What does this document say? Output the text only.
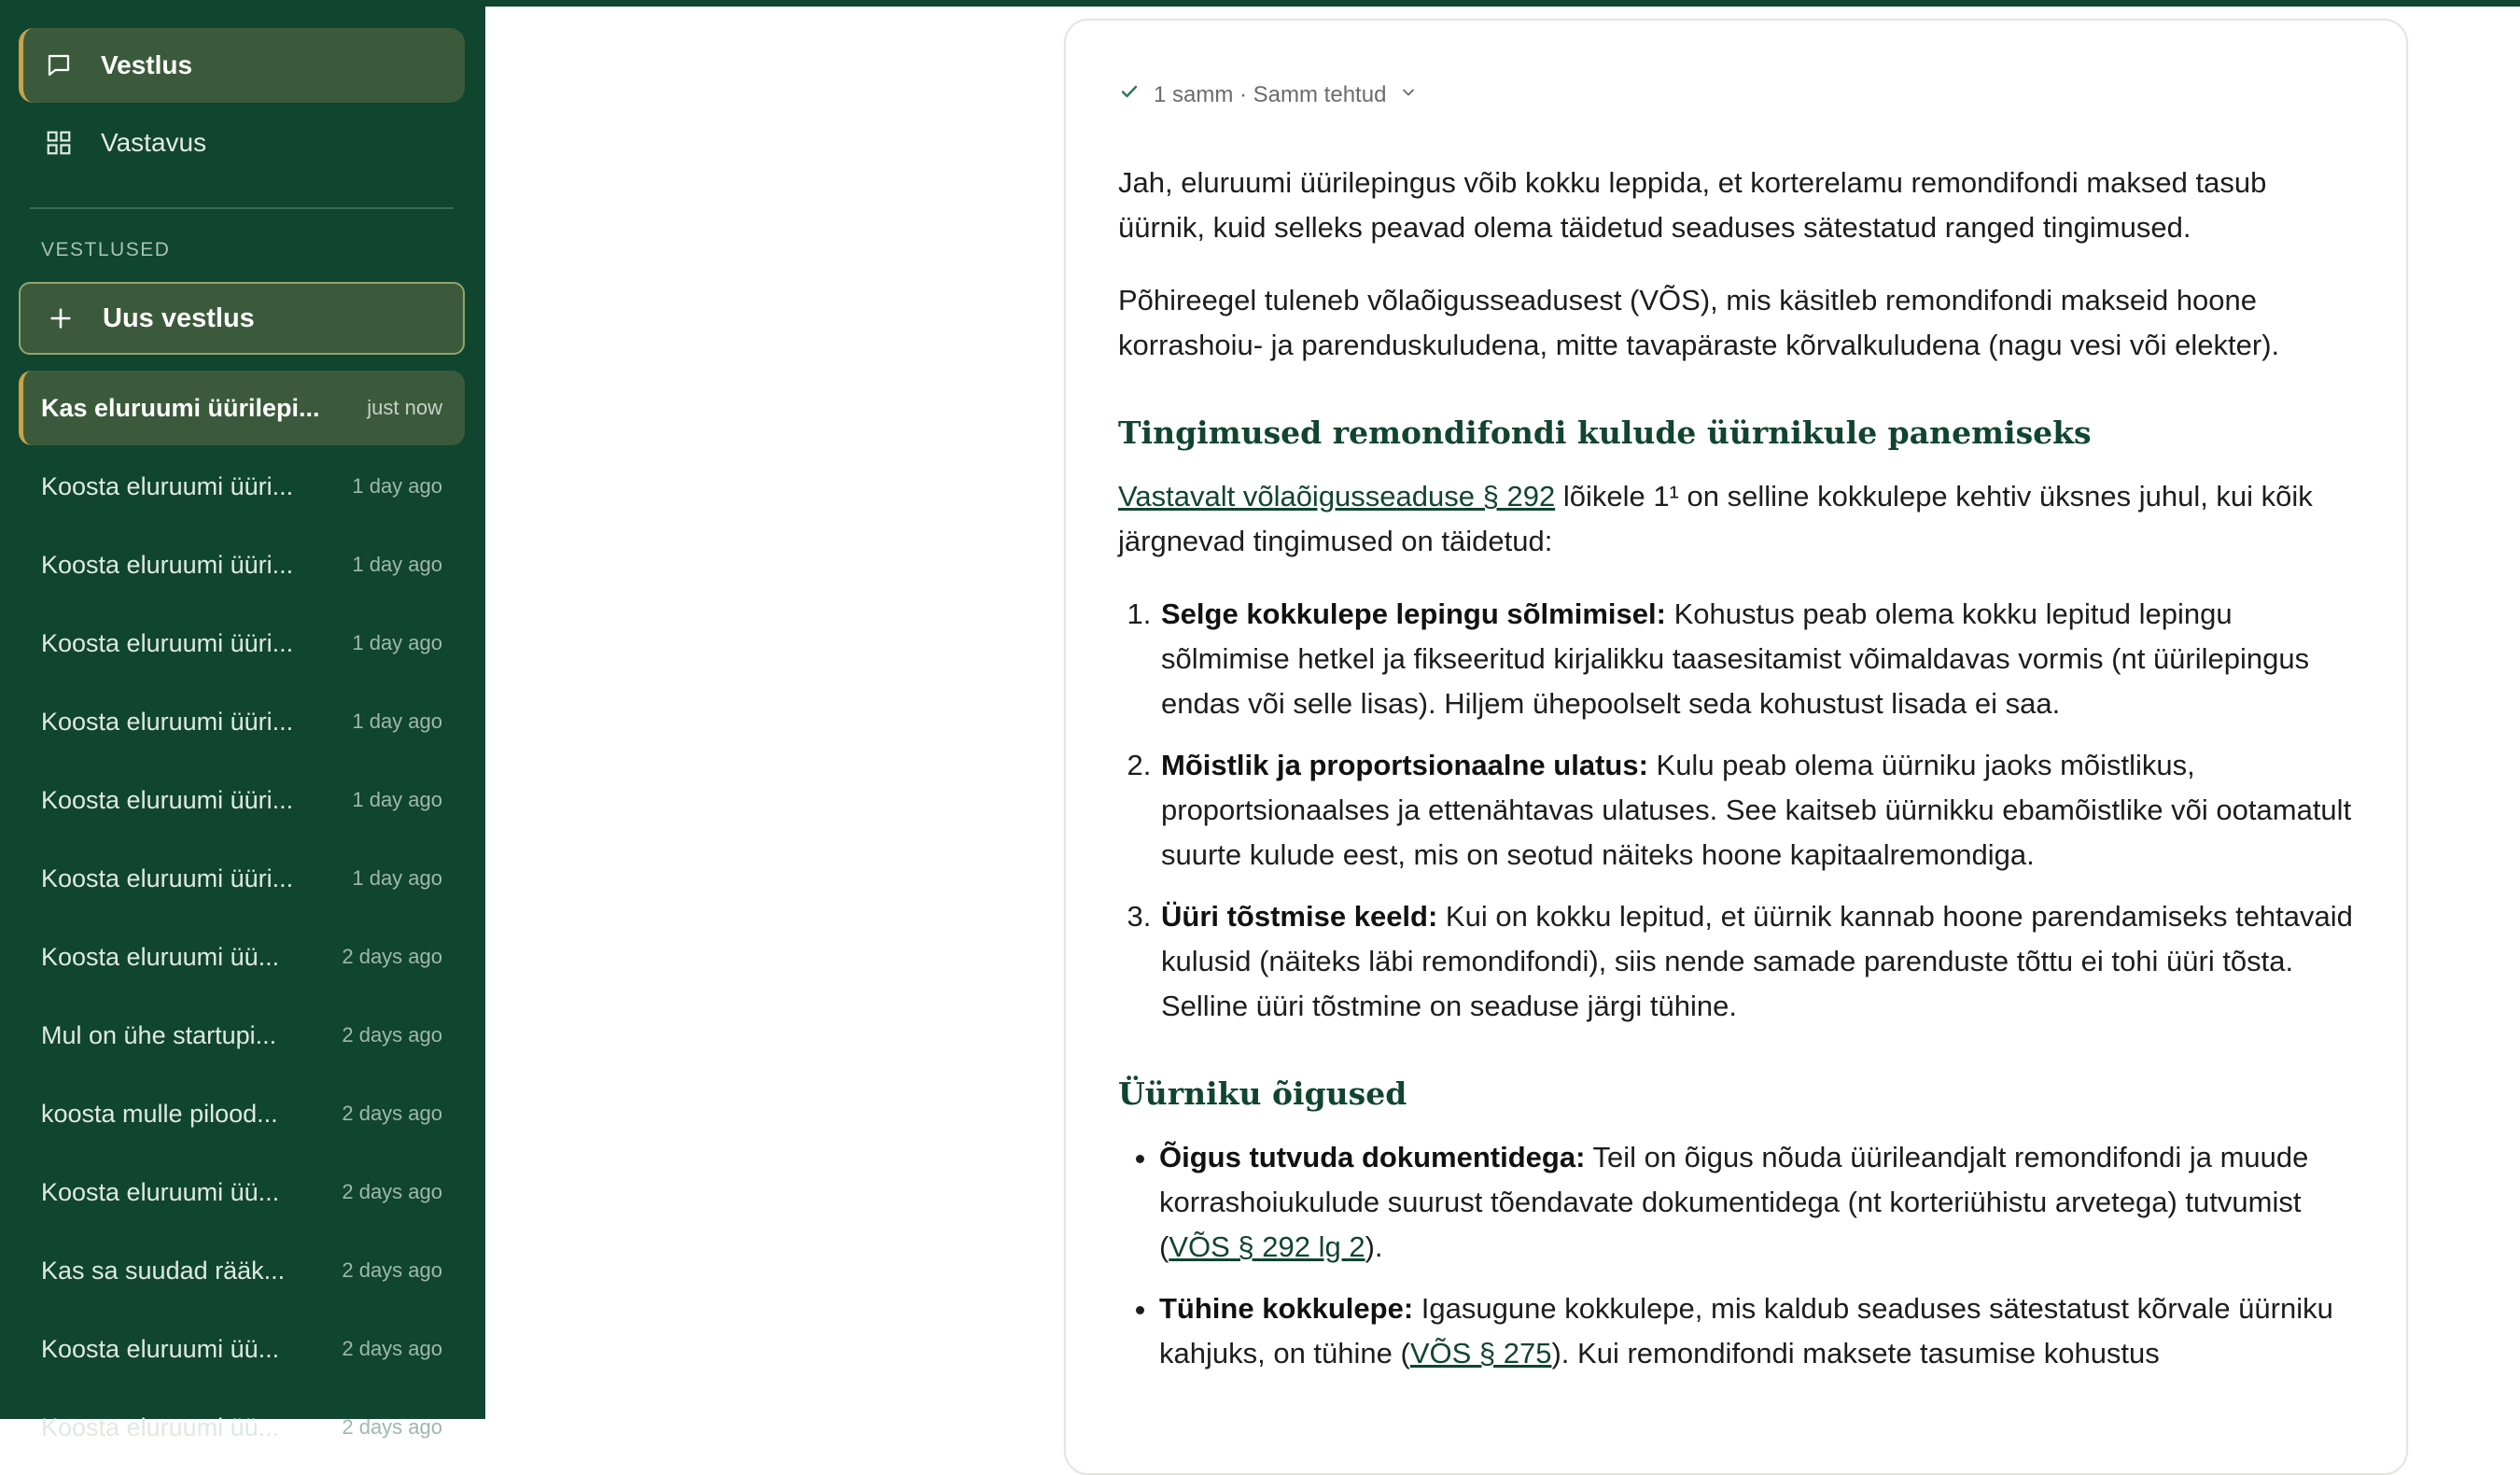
Vestlus
Vastavus
VESTLUSED
Uus vestlus
Kas eluruumi üürilepi... just now
Koosta eluruumi üüri...	1 day ago
Koosta eluruumi üüri...	1 day ago
Koosta eluruumi üüri...	1 day ago
Koosta eluruumi üüri...	1 day ago
Koosta eluruumi üüri...	1 day ago
Koosta eluruumi üüri...	1 day ago
Koosta eluruumi üü...	2 days ago
Mul on ühe startupi...	2 days ago
koosta mulle pilood...	2 days ago
Koosta eluruumi üü...	2 days ago
Kas sa suudad rääk...	2 days ago
Koosta eluruumi üü...	2 days ago
Koosta eluruumi üü...	2 days ago
1 samm · Samm tehtud

Jah, eluruumi üürilepingus võib kokku leppida, et korterelamu remondifondi maksed tasub üürnik, kuid selleks peavad olema täidetud seaduses sätestatud ranged tingimused.

Põhireegel tuleneb võlaõigusseadusest (VÕS), mis käsitleb remondifondi makseid hoone korrashoiu- ja parenduskuludena, mitte tavapäraste kõrvalkuludena (nagu vesi või elekter).

Tingimused remondifondi kulude üürnikule panemiseks

Vastavalt võlaõigusseaduse § 292 lõikele 1¹ on selline kokkulepe kehtiv üksnes juhul, kui kõik järgnevad tingimused on täidetud:

1. Selge kokkulepe lepingu sõlmimisel: Kohustus peab olema kokku lepitud lepingu sõlmimise hetkel ja fikseeritud kirjalikku taasesitamist võimaldavas vormis (nt üürilepingus endas või selle lisas). Hiljem ühepoolselt seda kohustust lisada ei saa.
2. Mõistlik ja proportsionaalne ulatus: Kulu peab olema üürniku jaoks mõistlikus, proportsionaalses ja ettenähtavas ulatuses. See kaitseb üürnikku ebamõistlike või ootamatult suurte kulude eest, mis on seotud näiteks hoone kapitaalremondiga.
3. Üüri tõstmise keeld: Kui on kokku lepitud, et üürnik kannab hoone parendamiseks tehtavaid kulusid (näiteks läbi remondifondi), siis nende samade parenduste tõttu ei tohi üüri tõsta. Selline üüri tõstmine on seaduse järgi tühine.
Üürniku õigused
• Õigus tutvuda dokumentidega: Teil on õigus nõuda üürileandjalt remondifondi ja muude korrashoiukulude suurust tõendavate dokumentidega (nt korteriühistu arvetega) tutvumist (VÕS § 292 lg 2).
• Tühine kokkulepe: Igasugune kokkulepe, mis kaldub seaduses sätestatust kõrvale üürniku kahjuks, on tühine (VÕS § 275). Kui remondifondi maksete tasumise kohustus
